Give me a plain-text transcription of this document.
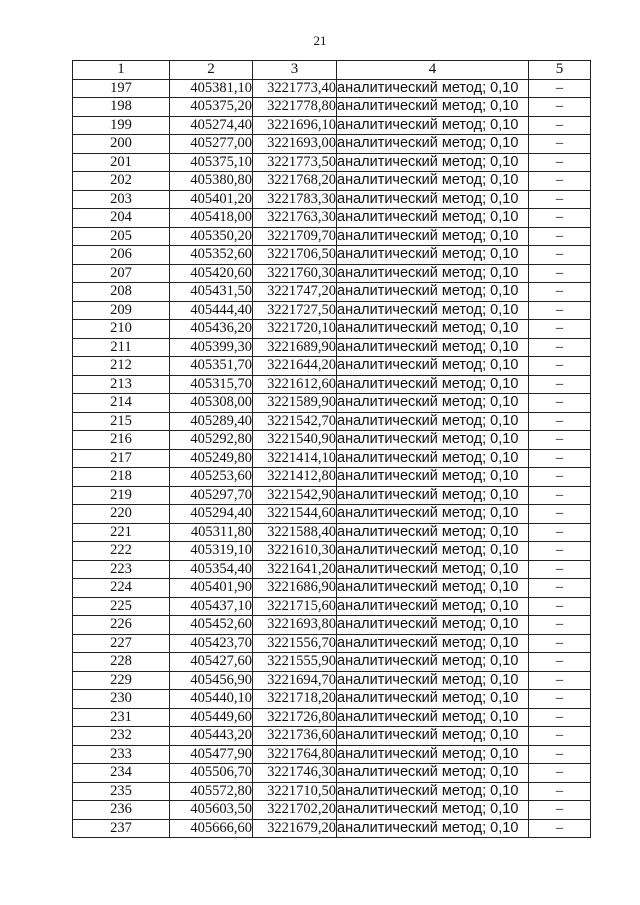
21
1	2	3	4	5
197	405381,10	3221773,40	аналитический метод; 0,10	–
198	405375,20	3221778,80	аналитический метод; 0,10	–
199	405274,40	3221696,10	аналитический метод; 0,10	–
200	405277,00	3221693,00	аналитический метод; 0,10	–
201	405375,10	3221773,50	аналитический метод; 0,10	–
202	405380,80	3221768,20	аналитический метод; 0,10	–
203	405401,20	3221783,30	аналитический метод; 0,10	–
204	405418,00	3221763,30	аналитический метод; 0,10	–
205	405350,20	3221709,70	аналитический метод; 0,10	–
206	405352,60	3221706,50	аналитический метод; 0,10	–
207	405420,60	3221760,30	аналитический метод; 0,10	–
208	405431,50	3221747,20	аналитический метод; 0,10	–
209	405444,40	3221727,50	аналитический метод; 0,10	–
210	405436,20	3221720,10	аналитический метод; 0,10	–
211	405399,30	3221689,90	аналитический метод; 0,10	–
212	405351,70	3221644,20	аналитический метод; 0,10	–
213	405315,70	3221612,60	аналитический метод; 0,10	–
214	405308,00	3221589,90	аналитический метод; 0,10	–
215	405289,40	3221542,70	аналитический метод; 0,10	–
216	405292,80	3221540,90	аналитический метод; 0,10	–
217	405249,80	3221414,10	аналитический метод; 0,10	–
218	405253,60	3221412,80	аналитический метод; 0,10	–
219	405297,70	3221542,90	аналитический метод; 0,10	–
220	405294,40	3221544,60	аналитический метод; 0,10	–
221	405311,80	3221588,40	аналитический метод; 0,10	–
222	405319,10	3221610,30	аналитический метод; 0,10	–
223	405354,40	3221641,20	аналитический метод; 0,10	–
224	405401,90	3221686,90	аналитический метод; 0,10	–
225	405437,10	3221715,60	аналитический метод; 0,10	–
226	405452,60	3221693,80	аналитический метод; 0,10	–
227	405423,70	3221556,70	аналитический метод; 0,10	–
228	405427,60	3221555,90	аналитический метод; 0,10	–
229	405456,90	3221694,70	аналитический метод; 0,10	–
230	405440,10	3221718,20	аналитический метод; 0,10	–
231	405449,60	3221726,80	аналитический метод; 0,10	–
232	405443,20	3221736,60	аналитический метод; 0,10	–
233	405477,90	3221764,80	аналитический метод; 0,10	–
234	405506,70	3221746,30	аналитический метод; 0,10	–
235	405572,80	3221710,50	аналитический метод; 0,10	–
236	405603,50	3221702,20	аналитический метод; 0,10	–
237	405666,60	3221679,20	аналитический метод; 0,10	–
